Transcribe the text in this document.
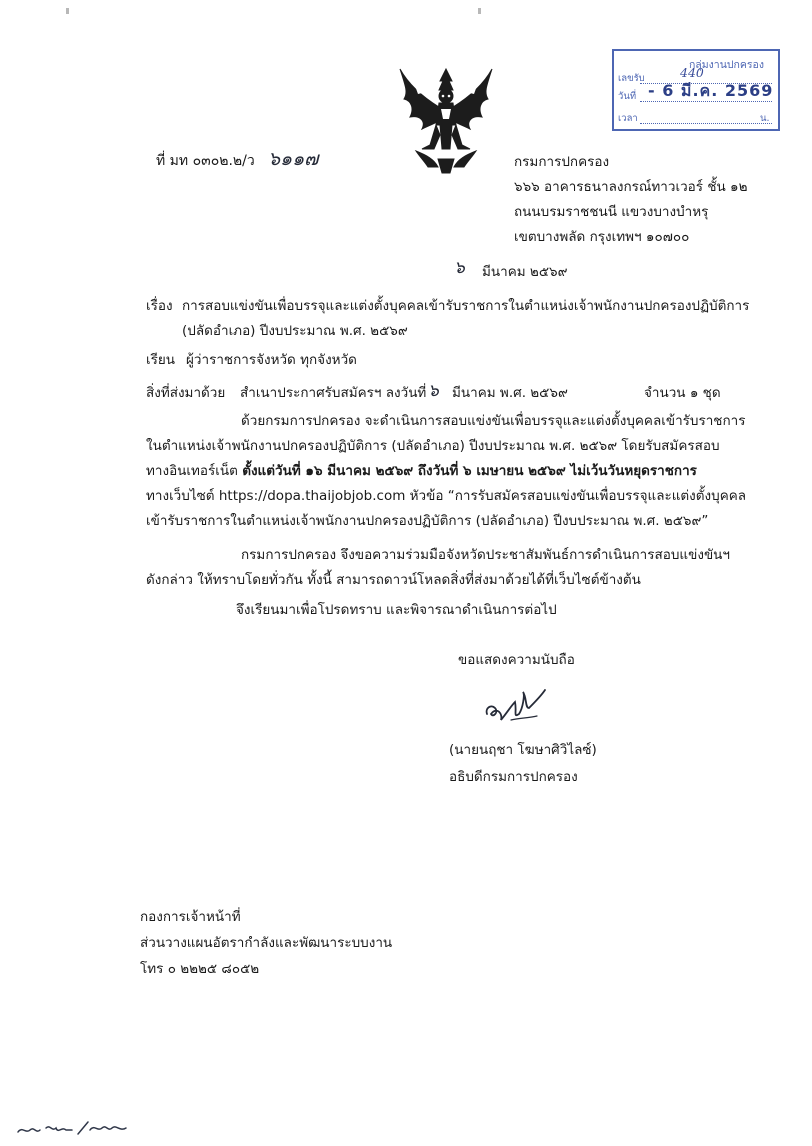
กลุ่มงานปกครอง
เลขรับ	440
วันที่ - 6 มี.ค. 2569
เวลา	น.
ที่ มท ๐๓๐๒.๒/ว ๖๑๑๗	กรมการปกครอง
๖๖๖ อาคารธนาลงกรณ์ทาวเวอร์ ชั้น ๑๒
ถนนบรมราชชนนี แขวงบางบำหรุ
เขตบางพลัด กรุงเทพฯ ๑๐๗๐๐
๖ มีนาคม ๒๕๖๙
เรื่อง การสอบแข่งขันเพื่อบรรจุและแต่งตั้งบุคคลเข้ารับราชการในตำแหน่งเจ้าพนักงานปกครองปฏิบัติการ
(ปลัดอำเภอ) ปีงบประมาณ พ.ศ. ๒๕๖๙
เรียน ผู้ว่าราชการจังหวัด ทุกจังหวัด
สิ่งที่ส่งมาด้วย สำเนาประกาศรับสมัครฯ ลงวันที่ ๖ มีนาคม พ.ศ. ๒๕๖๙	จำนวน ๑ ชุด
ด้วยกรมการปกครอง จะดำเนินการสอบแข่งขันเพื่อบรรจุและแต่งตั้งบุคคลเข้ารับราชการ
ในตำแหน่งเจ้าพนักงานปกครองปฏิบัติการ (ปลัดอำเภอ) ปีงบประมาณ พ.ศ. ๒๕๖๙ โดยรับสมัครสอบ
ทางอินเทอร์เน็ต ตั้งแต่วันที่ ๑๖ มีนาคม ๒๕๖๙ ถึงวันที่ ๖ เมษายน ๒๕๖๙ ไม่เว้นวันหยุดราชการ
ทางเว็บไซต์ https://dopa.thaijobjob.com หัวข้อ “การรับสมัครสอบแข่งขันเพื่อบรรจุและแต่งตั้งบุคคล
เข้ารับราชการในตำแหน่งเจ้าพนักงานปกครองปฏิบัติการ (ปลัดอำเภอ) ปีงบประมาณ พ.ศ. ๒๕๖๙”
กรมการปกครอง จึงขอความร่วมมือจังหวัดประชาสัมพันธ์การดำเนินการสอบแข่งขันฯ
ดังกล่าว ให้ทราบโดยทั่วกัน ทั้งนี้ สามารถดาวน์โหลดสิ่งที่ส่งมาด้วยได้ที่เว็บไซต์ข้างต้น
จึงเรียนมาเพื่อโปรดทราบ และพิจารณาดำเนินการต่อไป
ขอแสดงความนับถือ
(นายนฤชา โฆษาศิวิไลซ์)
อธิบดีกรมการปกครอง
กองการเจ้าหน้าที่
ส่วนวางแผนอัตรากำลังและพัฒนาระบบงาน
โทร ๐ ๒๒๒๕ ๘๐๕๒
